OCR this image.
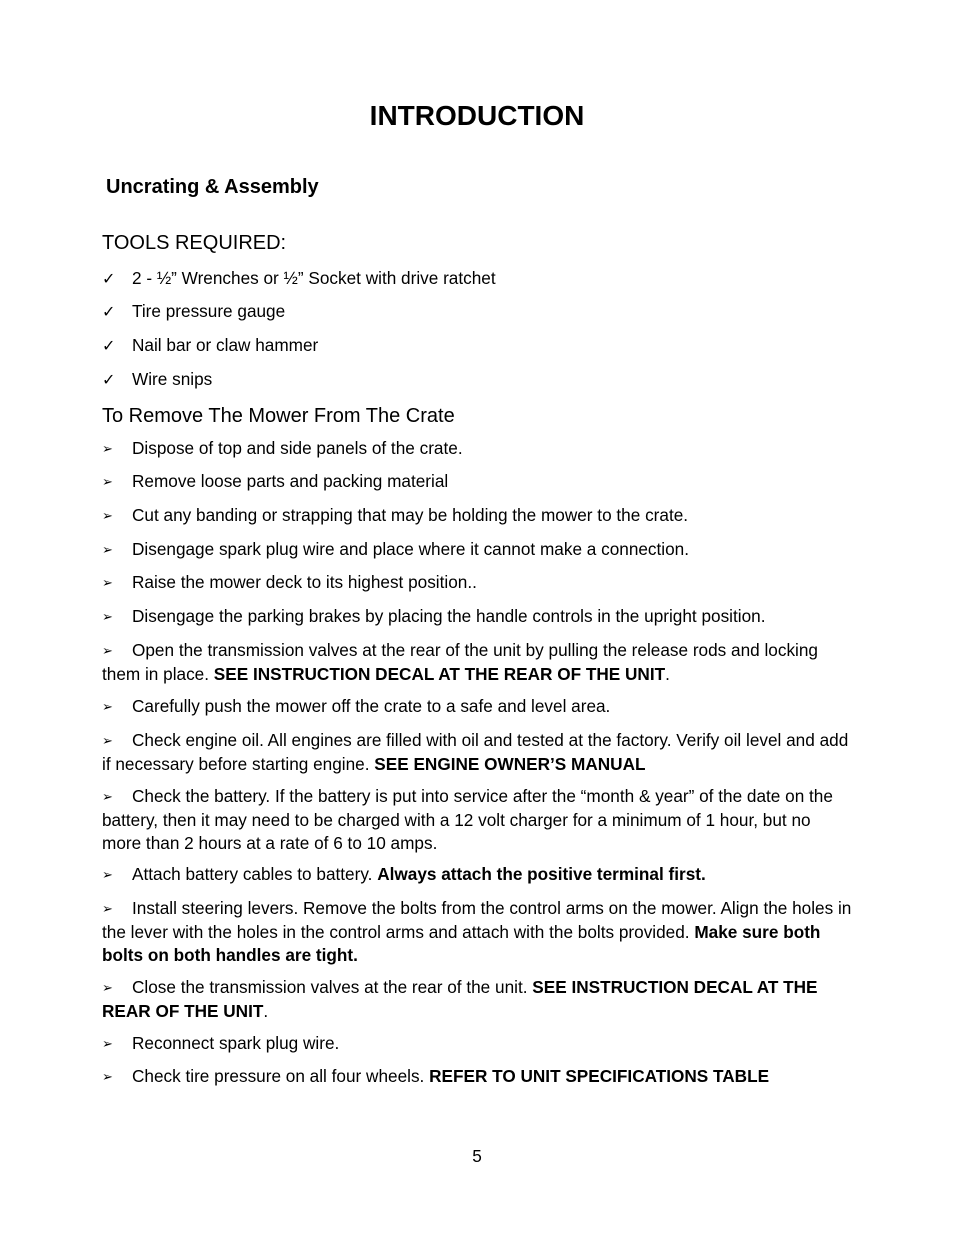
INTRODUCTION
Uncrating & Assembly
TOOLS REQUIRED:

✓ 2 - ½” Wrenches or ½” Socket with drive ratchet

✓ Tire pressure gauge

✓ Nail bar or claw hammer

✓ Wire snips

To Remove The Mower From The Crate

➢ Dispose of top and side panels of the crate.

➢ Remove loose parts and packing material

➢ Cut any banding or strapping that may be holding the mower to the crate.

➢ Disengage spark plug wire and place where it cannot make a connection.

➢ Raise the mower deck to its highest position..

➢ Disengage the parking brakes by placing the handle controls in the upright position.

➢ Open the transmission valves at the rear of the unit by pulling the release rods and locking them in place. SEE INSTRUCTION DECAL AT THE REAR OF THE UNIT.

➢ Carefully push the mower off the crate to a safe and level area.

➢ Check engine oil. All engines are filled with oil and tested at the factory. Verify oil level and add if necessary before starting engine. SEE ENGINE OWNER’S MANUAL

➢ Check the battery. If the battery is put into service after the “month & year” of the date on the battery, then it may need to be charged with a 12 volt charger for a minimum of 1 hour, but no more than 2 hours at a rate of 6 to 10 amps.

➢ Attach battery cables to battery. Always attach the positive terminal first.

➢ Install steering levers. Remove the bolts from the control arms on the mower. Align the holes in the lever with the holes in the control arms and attach with the bolts provided. Make sure both bolts on both handles are tight.

➢ Close the transmission valves at the rear of the unit. SEE INSTRUCTION DECAL AT THE REAR OF THE UNIT.

➢ Reconnect spark plug wire.

➢ Check tire pressure on all four wheels. REFER TO UNIT SPECIFICATIONS TABLE

5
